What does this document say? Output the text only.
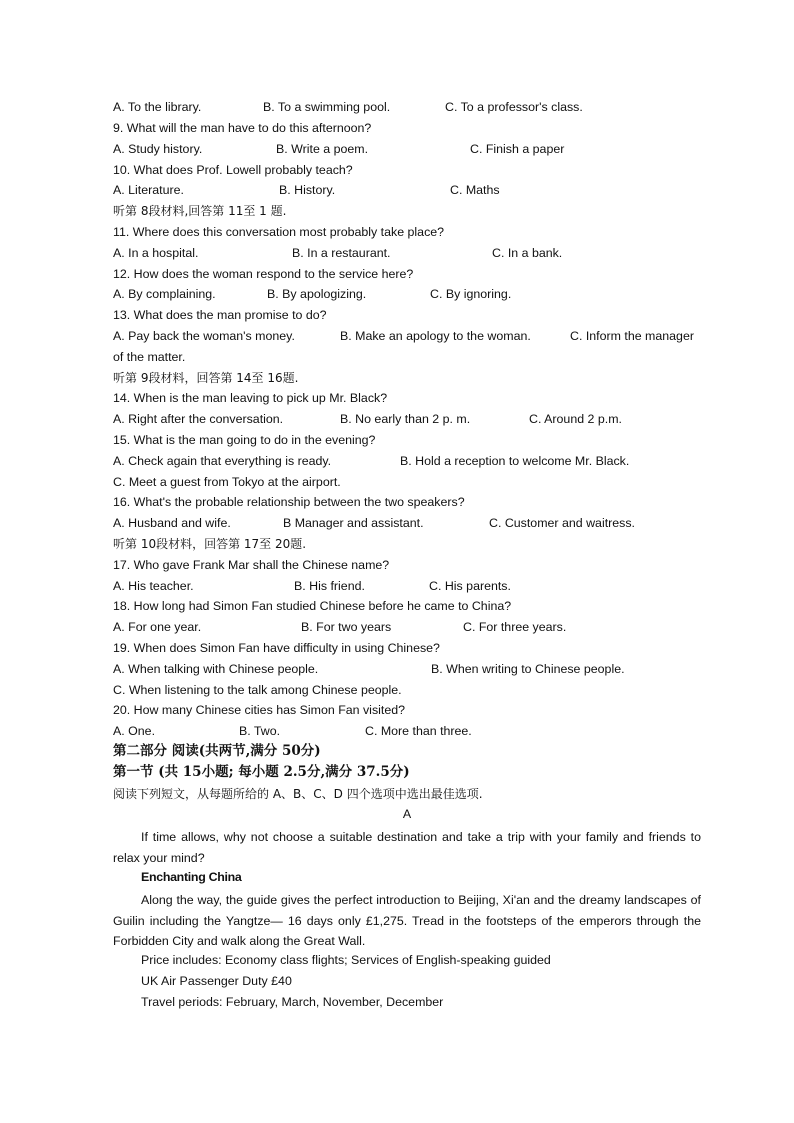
A. To the library.	B. To a swimming pool.	C. To a professor's class.
9. What will the man have to do this afternoon?
A. Study history.	B. Write a poem.	C. Finish a paper
10. What does Prof. Lowell probably teach?
A. Literature.	B. History.	C. Maths
听第 8段材料,回答第 11至 1 题.
11. Where does this conversation most probably take place?
A. In a hospital.	B. In a restaurant.	C. In a bank.
12. How does the woman respond to the service here?
A. By complaining.	B. By apologizing.	C. By ignoring.
13. What does the man promise to do?
A. Pay back the woman's money.	B. Make an apology to the woman.	C. Inform the manager
of the matter.
听第 9段材料，回答第 14至 16题.
14. When is the man leaving to pick up Mr. Black?
A. Right after the conversation.	B. No early than 2 p. m.	C. Around 2 p.m.
15. What is the man going to do in the evening?
A. Check again that everything is ready.	B. Hold a reception to welcome Mr. Black.
C. Meet a guest from Tokyo at the airport.
16. What's the probable relationship between the two speakers?
A. Husband and wife.	B Manager and assistant.	C. Customer and waitress.
听第 10段材料，回答第 17至 20题.
17. Who gave Frank Mar shall the Chinese name?
A. His teacher.	B. His friend.	C. His parents.
18. How long had Simon Fan studied Chinese before he came to China?
A. For one year.	B. For two years	C. For three years.
19. When does Simon Fan have difficulty in using Chinese?
A. When talking with Chinese people.	B. When writing to Chinese people.
C. When listening to the talk among Chinese people.
20. How many Chinese cities has Simon Fan visited?
A. One.	B. Two.	C. More than three.
第二部分 阅读(共两节,满分 50分)
第一节 (共 15小题; 每小题 2.5分,满分 37.5分)
阅读下列短文，从每题所给的 A、B、C、D 四个选项中选出最佳选项.
A
If time allows, why not choose a suitable destination and take a trip with your family and friends to relax your mind?
Enchanting China
Along the way, the guide gives the perfect introduction to Beijing, Xi'an and the dreamy landscapes of Guilin including the Yangtze— 16 days only £1,275. Tread in the footsteps of the emperors through the Forbidden City and walk along the Great Wall.
Price includes: Economy class flights; Services of English-speaking guided
UK Air Passenger Duty £40
Travel periods: February, March, November, December
